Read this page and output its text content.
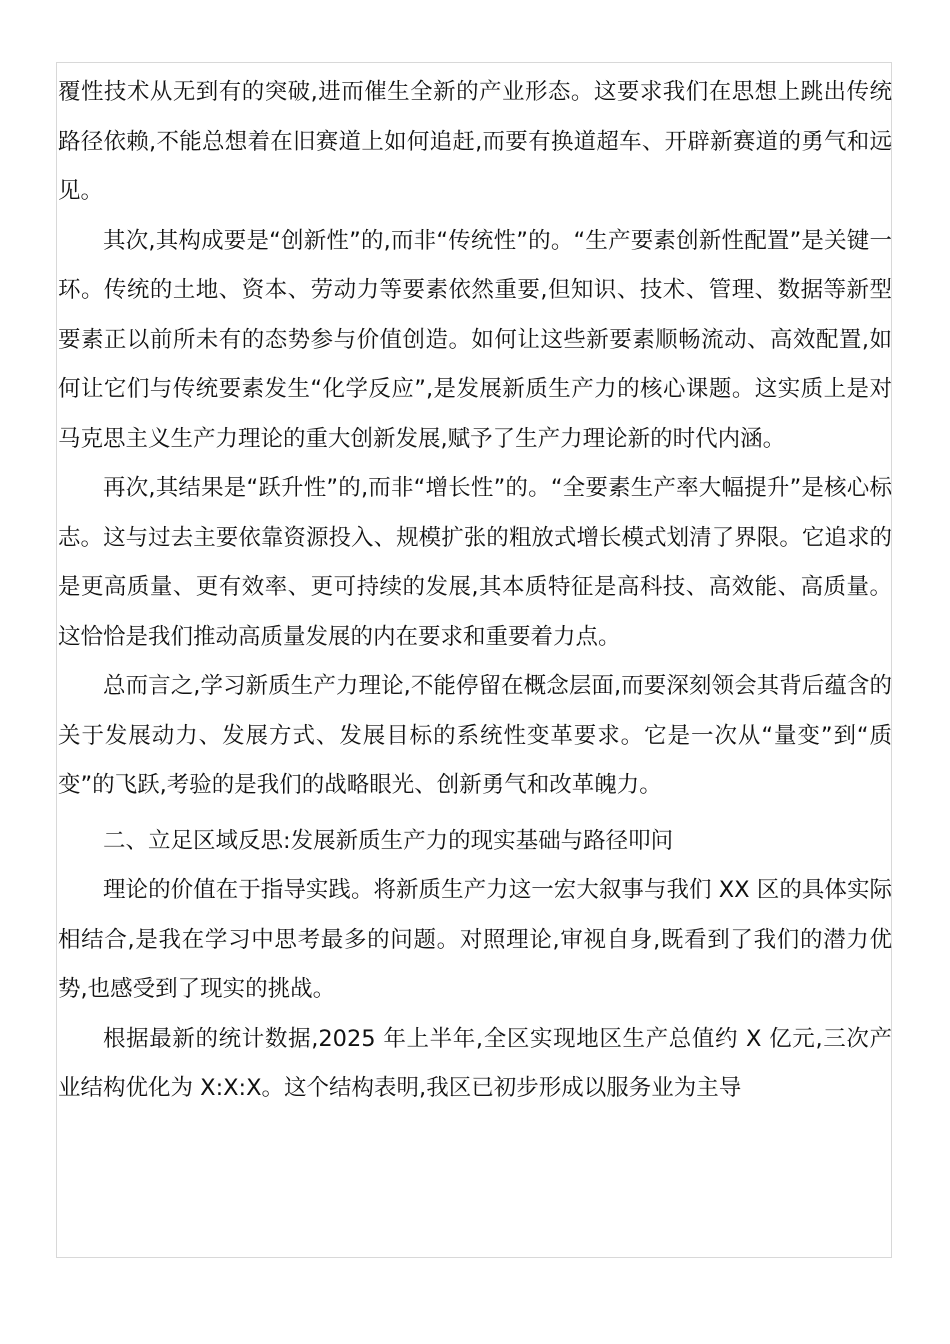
覆性技术从无到有的突破,进而催生全新的产业形态。这要求我们在思想上跳出传统路径依赖,不能总想着在旧赛道上如何追赶,而要有换道超车、开辟新赛道的勇气和远见。

其次,其构成要是“创新性”的,而非“传统性”的。“生产要素创新性配置”是关键一环。传统的土地、资本、劳动力等要素依然重要,但知识、技术、管理、数据等新型要素正以前所未有的态势参与价值创造。如何让这些新要素顺畅流动、高效配置,如何让它们与传统要素发生“化学反应”,是发展新质生产力的核心课题。这实质上是对马克思主义生产力理论的重大创新发展,赋予了生产力理论新的时代内涵。

再次,其结果是“跃升性”的,而非“增长性”的。“全要素生产率大幅提升”是核心标志。这与过去主要依靠资源投入、规模扩张的粗放式增长模式划清了界限。它追求的是更高质量、更有效率、更可持续的发展,其本质特征是高科技、高效能、高质量。这恰恰是我们推动高质量发展的内在要求和重要着力点。

总而言之,学习新质生产力理论,不能停留在概念层面,而要深刻领会其背后蕴含的关于发展动力、发展方式、发展目标的系统性变革要求。它是一次从“量变”到“质变”的飞跃,考验的是我们的战略眼光、创新勇气和改革魄力。

二、立足区域反思:发展新质生产力的现实基础与路径叩问

理论的价值在于指导实践。将新质生产力这一宏大叙事与我们 XX 区的具体实际相结合,是我在学习中思考最多的问题。对照理论,审视自身,既看到了我们的潜力优势,也感受到了现实的挑战。

根据最新的统计数据,2025 年上半年,全区实现地区生产总值约 X 亿元,三次产业结构优化为 X:X:X。这个结构表明,我区已初步形成以服务业为主导
